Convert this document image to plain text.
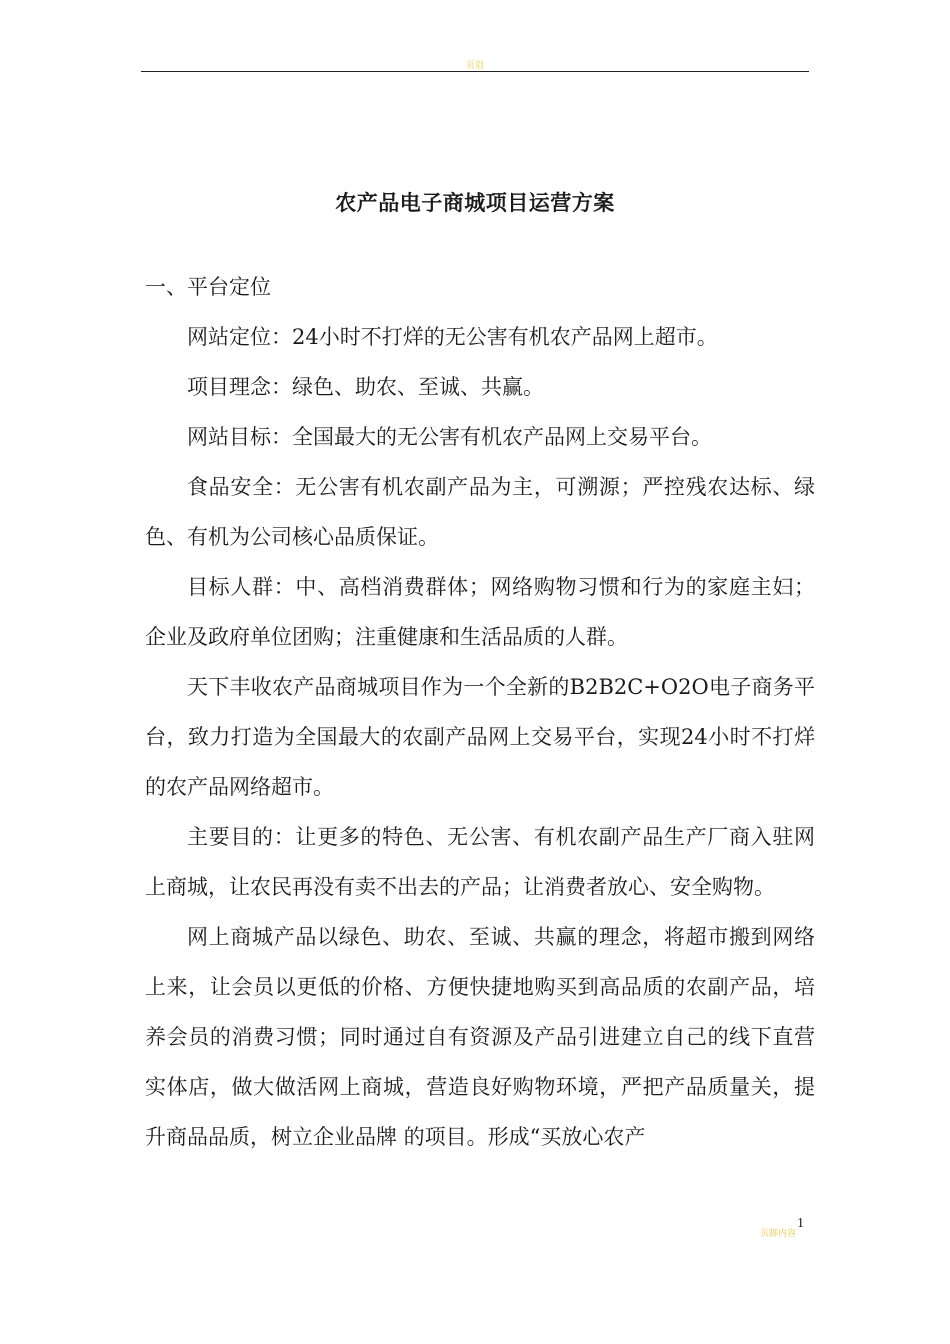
页眉
农产品电子商城项目运营方案

一、平台定位

网站定位：24小时不打烊的无公害有机农产品网上超市。

项目理念：绿色、助农、至诚、共赢。

网站目标：全国最大的无公害有机农产品网上交易平台。

食品安全：无公害有机农副产品为主，可溯源；严控残农达标、绿色、有机为公司核心品质保证。

目标人群：中、高档消费群体；网络购物习惯和行为的家庭主妇；企业及政府单位团购；注重健康和生活品质的人群。

天下丰收农产品商城项目作为一个全新的B2B2C+O2O电子商务平台，致力打造为全国最大的农副产品网上交易平台，实现24小时不打烊的农产品网络超市。

主要目的：让更多的特色、无公害、有机农副产品生产厂商入驻网上商城，让农民再没有卖不出去的产品；让消费者放心、安全购物。

网上商城产品以绿色、助农、至诚、共赢的理念，将超市搬到网络上来，让会员以更低的价格、方便快捷地购买到高品质的农副产品，培养会员的消费习惯；同时通过自有资源及产品引进建立自己的线下直营实体店，做大做活网上商城，营造良好购物环境，严把产品质量关，提升商品品质，树立企业品牌 的项目。形成“买放心农产

1
页脚内容
